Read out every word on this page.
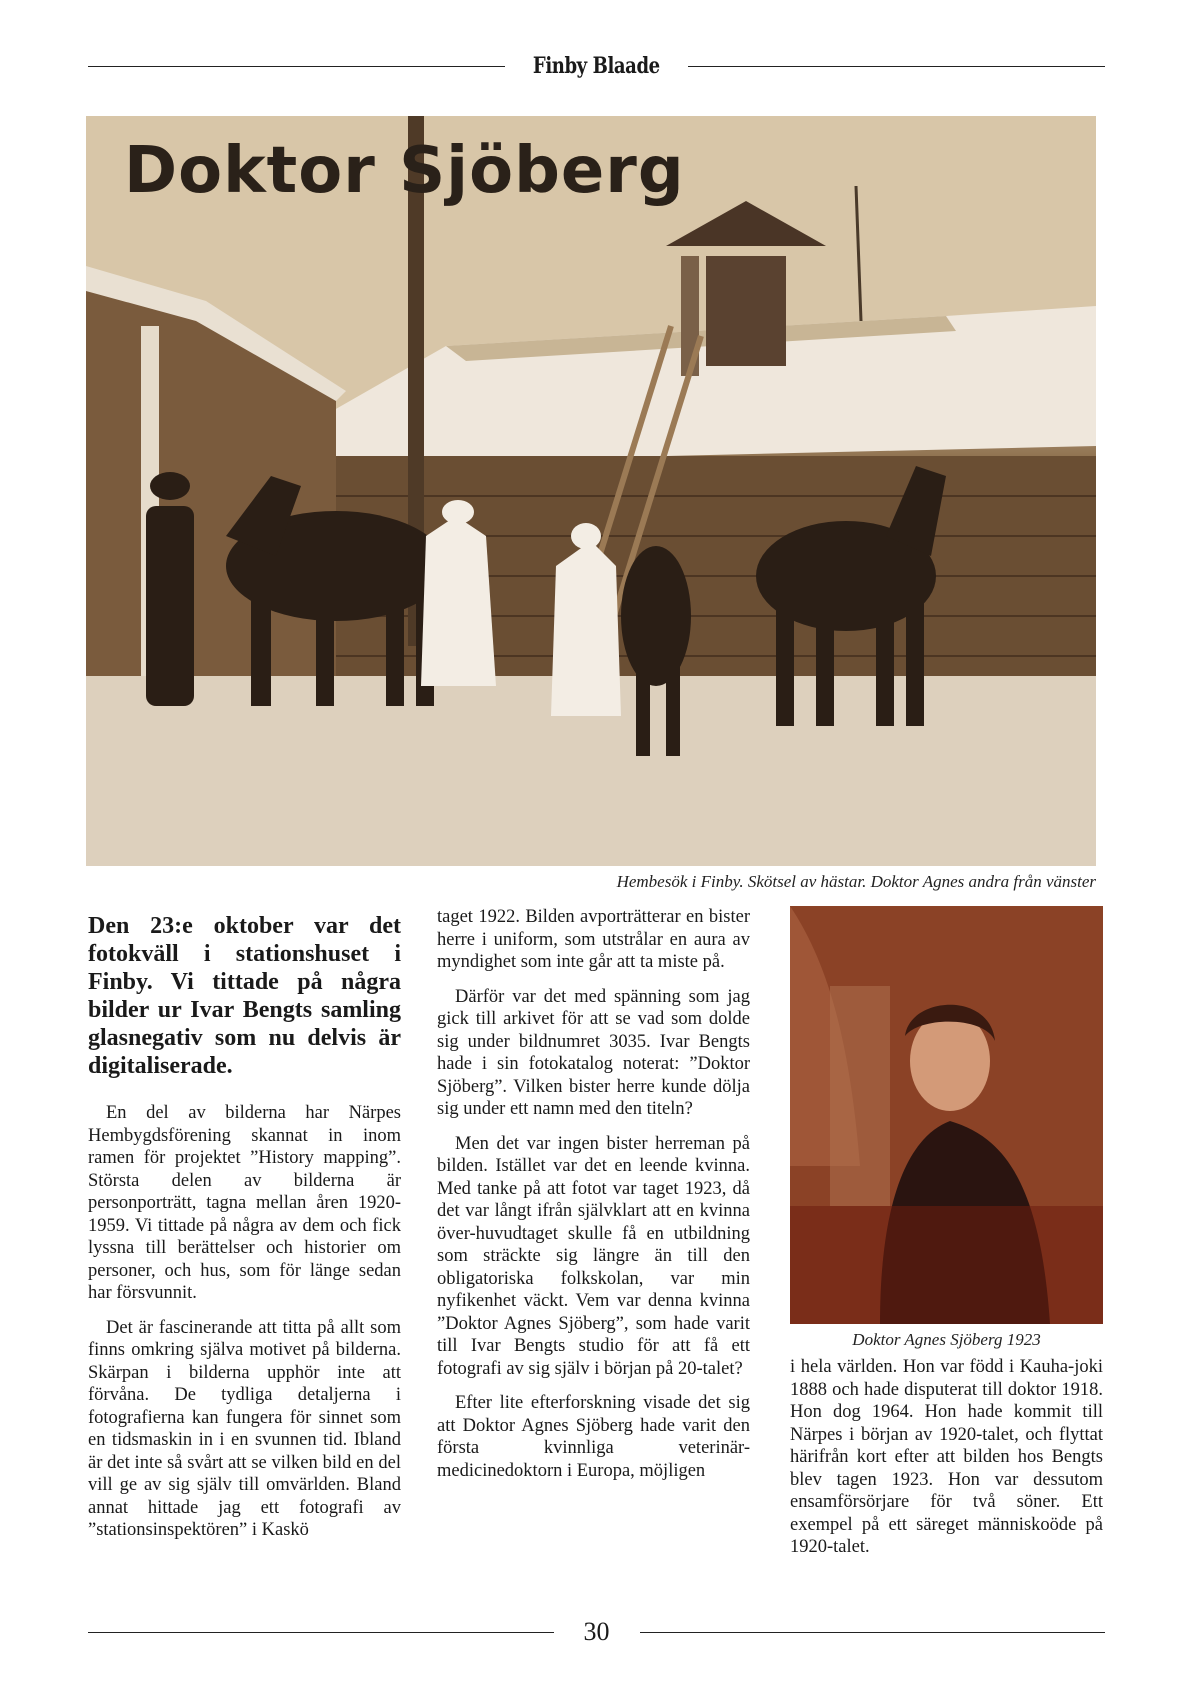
Finby Blaade
Doktor Sjöberg
Hembesök i Finby. Skötsel av hästar. Doktor Agnes andra från vänster
Den 23:e oktober var det fotokväll i stationshuset i Finby. Vi tittade på några bilder ur Ivar Bengts samling glasnegativ som nu delvis är digitaliserade.

En del av bilderna har Närpes Hembygdsförening skannat in inom ramen för projektet ”History mapping”. Största delen av bilderna är personporträtt, tagna mellan åren 1920-1959. Vi tittade på några av dem och fick lyssna till berättelser och historier om personer, och hus, som för länge sedan har försvunnit.

Det är fascinerande att titta på allt som finns omkring själva motivet på bilderna. Skärpan i bilderna upphör inte att förvåna. De tydliga detaljerna i fotografierna kan fungera för sinnet som en tidsmaskin in i en svunnen tid. Ibland är det inte så svårt att se vilken bild en del vill ge av sig själv till omvärlden. Bland annat hittade jag ett fotografi av ”stationsinspektören” i Kaskö

taget 1922. Bilden avporträtterar en bister herre i uniform, som utstrålar en aura av myndighet som inte går att ta miste på.

Därför var det med spänning som jag gick till arkivet för att se vad som dolde sig under bildnumret 3035. Ivar Bengts hade i sin fotokatalog noterat: ”Doktor Sjöberg”. Vilken bister herre kunde dölja sig under ett namn med den titeln?

Men det var ingen bister herreman på bilden. Istället var det en leende kvinna. Med tanke på att fotot var taget 1923, då det var långt ifrån självklart att en kvinna över-huvudtaget skulle få en utbildning som sträckte sig längre än till den obligatoriska folkskolan, var min nyfikenhet väckt. Vem var denna kvinna ”Doktor Agnes Sjöberg”, som hade varit till Ivar Bengts studio för att få ett fotografi av sig själv i början på 20-talet?

Efter lite efterforskning visade det sig att Doktor Agnes Sjöberg hade varit den första kvinnliga veterinär-medicinedoktorn i Europa, möjligen

Doktor Agnes Sjöberg 1923

i hela världen. Hon var född i Kauha-joki 1888 och hade disputerat till doktor 1918. Hon dog 1964. Hon hade kommit till Närpes i början av 1920-talet, och flyttat härifrån kort efter att bilden hos Bengts blev tagen 1923. Hon var dessutom ensamförsörjare för två söner. Ett exempel på ett säreget människoöde på 1920-talet.

30
